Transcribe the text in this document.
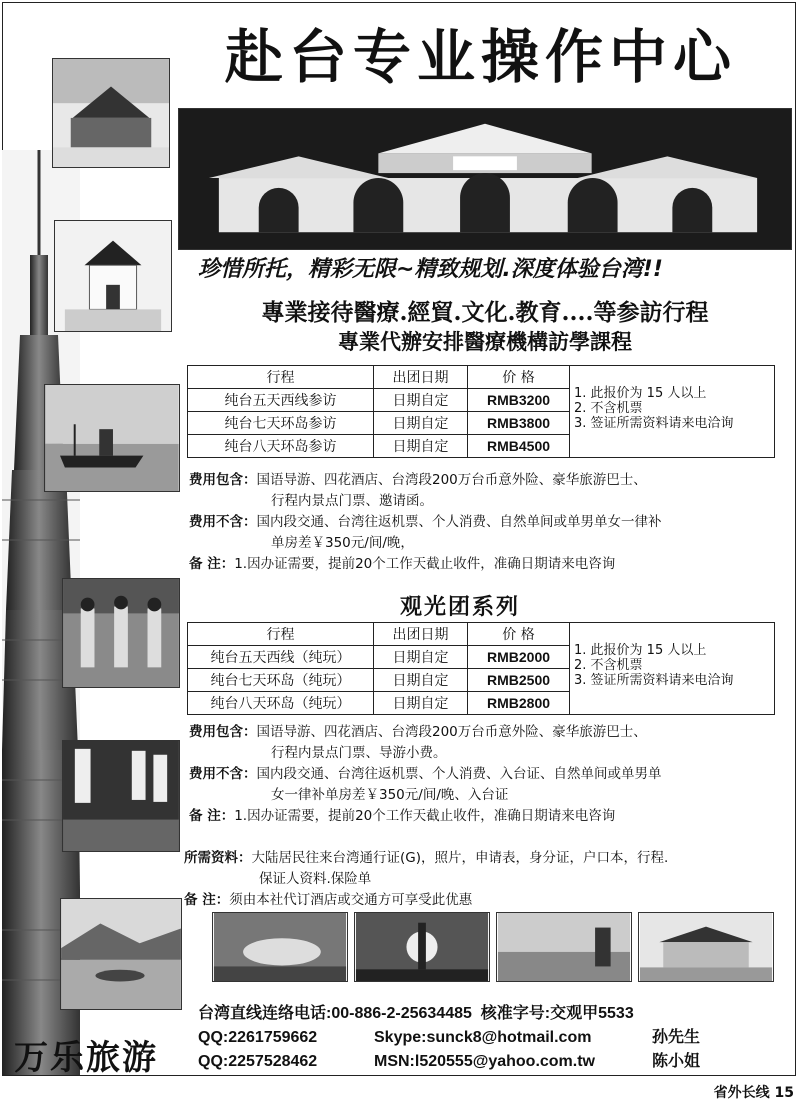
赴台专业操作中心
珍惜所托，精彩无限~精致规划.深度体验台湾!!
專業接待醫療.經貿.文化.教育....等参訪行程
專業代辦安排醫療機構訪學課程
行程	出团日期	价 格	1. 此报价为 15 人以上
2. 不含机票
3. 签证所需资料请来电洽询

纯台五天西线参访	日期自定	RMB3200	
纯台七天环岛参访	日期自定	RMB3800	
纯台八天环岛参访	日期自定	RMB4500	
费用包含：国语导游、四花酒店、台湾段200万台币意外险、豪华旅游巴士、
行程内景点门票、邀请函。
费用不含：国内段交通、台湾往返机票、个人消费、自然单间或单男单女一律补
单房差￥350元/间/晚，
备 注：1.因办证需要，提前20个工作天截止收件，准确日期请来电咨询
观光团系列
行程	出团日期	价 格	1. 此报价为 15 人以上
2. 不含机票
3. 签证所需资料请来电洽询

纯台五天西线（纯玩）	日期自定	RMB2000	
纯台七天环岛（纯玩）	日期自定	RMB2500	
纯台八天环岛（纯玩）	日期自定	RMB2800	
费用包含：国语导游、四花酒店、台湾段200万台币意外险、豪华旅游巴士、
行程内景点门票、导游小费。
费用不含：国内段交通、台湾往返机票、个人消费、入台证、自然单间或单男单
女一律补单房差￥350元/间/晚、入台证
备 注：1.因办证需要，提前20个工作天截止收件，准确日期请来电咨询
所需资料：大陆居民往来台湾通行证(G)，照片，申请表，身分证，户口本，行程.
保证人资料.保险单
备 注：须由本社代订酒店或交通方可享受此优惠
台湾直线连络电话:00-886-2-25634485 核准字号:交观甲5533
QQ:2261759662	Skype:sunck8@hotmail.com	孙先生
QQ:2257528462	MSN:l520555@yahoo.com.tw	陈小姐
万乐旅游
省外长线 15
